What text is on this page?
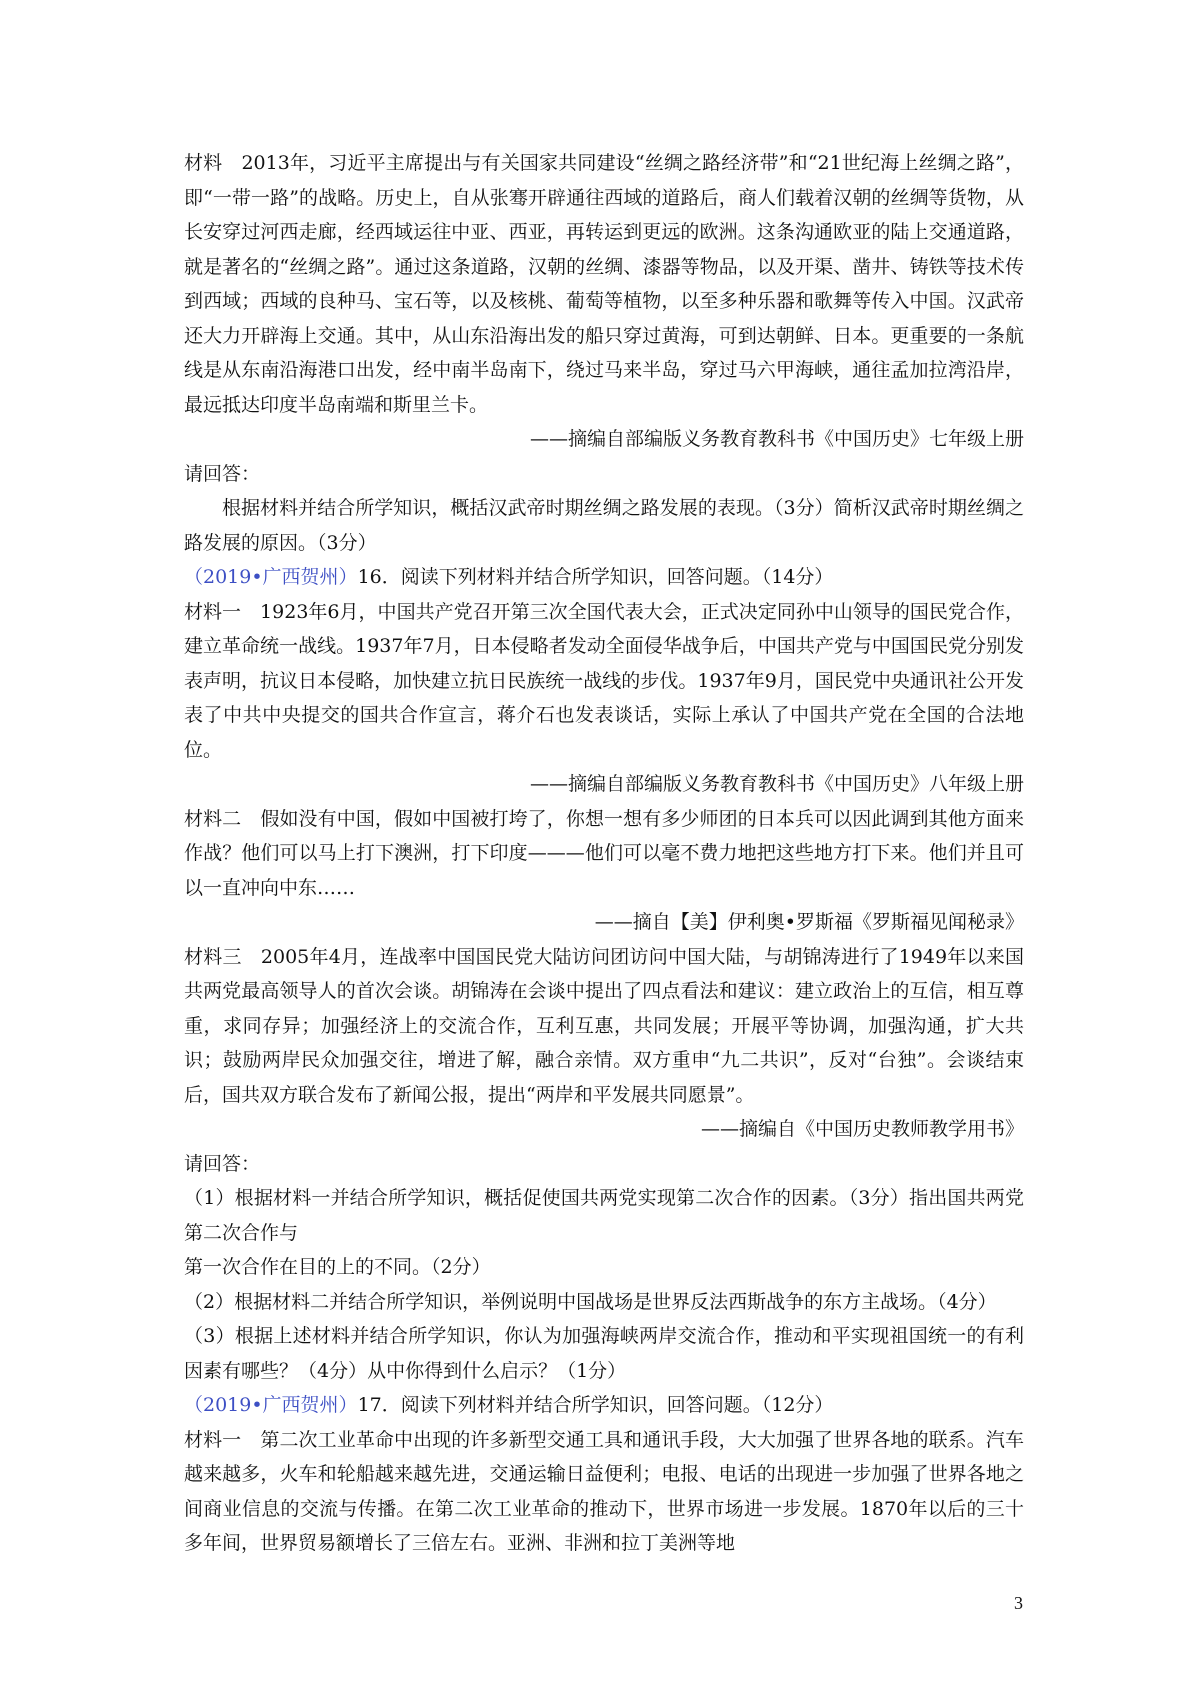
材料　2013年，习近平主席提出与有关国家共同建设“丝绸之路经济带”和“21世纪海上丝绸之路”，即“一带一路”的战略。历史上，自从张骞开辟通往西域的道路后，商人们载着汉朝的丝绸等货物，从长安穿过河西走廊，经西域运往中亚、西亚，再转运到更远的欧洲。这条沟通欧亚的陆上交通道路，就是著名的“丝绸之路”。通过这条道路，汉朝的丝绸、漆器等物品，以及开渠、凿井、铸铁等技术传到西域；西域的良种马、宝石等，以及核桃、葡萄等植物，以至多种乐器和歌舞等传入中国。汉武帝还大力开辟海上交通。其中，从山东沿海出发的船只穿过黄海，可到达朝鲜、日本。更重要的一条航线是从东南沿海港口出发，经中南半岛南下，绕过马来半岛，穿过马六甲海峡，通往孟加拉湾沿岸，最远抵达印度半岛南端和斯里兰卡。

——摘编自部编版义务教育教科书《中国历史》七年级上册

请回答：

根据材料并结合所学知识，概括汉武帝时期丝绸之路发展的表现。（3分）简析汉武帝时期丝绸之路发展的原因。（3分）

（2019•广西贺州）16．阅读下列材料并结合所学知识，回答问题。（14分）

材料一　1923年6月，中国共产党召开第三次全国代表大会，正式决定同孙中山领导的国民党合作，建立革命统一战线。1937年7月，日本侵略者发动全面侵华战争后，中国共产党与中国国民党分别发表声明，抗议日本侵略，加快建立抗日民族统一战线的步伐。1937年9月，国民党中央通讯社公开发表了中共中央提交的国共合作宣言，蒋介石也发表谈话，实际上承认了中国共产党在全国的合法地位。

——摘编自部编版义务教育教科书《中国历史》八年级上册

材料二　假如没有中国，假如中国被打垮了，你想一想有多少师团的日本兵可以因此调到其他方面来作战？他们可以马上打下澳洲，打下印度———他们可以毫不费力地把这些地方打下来。他们并且可以一直冲向中东……

——摘自【美】伊利奥•罗斯福《罗斯福见闻秘录》

材料三　2005年4月，连战率中国国民党大陆访问团访问中国大陆，与胡锦涛进行了1949年以来国共两党最高领导人的首次会谈。胡锦涛在会谈中提出了四点看法和建议：建立政治上的互信，相互尊重，求同存异；加强经济上的交流合作，互利互惠，共同发展；开展平等协调，加强沟通，扩大共识；鼓励两岸民众加强交往，增进了解，融合亲情。双方重申“九二共识”，反对“台独”。会谈结束后，国共双方联合发布了新闻公报，提出“两岸和平发展共同愿景”。

——摘编自《中国历史教师教学用书》

请回答：

（1）根据材料一并结合所学知识，概括促使国共两党实现第二次合作的因素。（3分）指出国共两党第二次合作与

第一次合作在目的上的不同。（2分）

（2）根据材料二并结合所学知识，举例说明中国战场是世界反法西斯战争的东方主战场。（4分）

（3）根据上述材料并结合所学知识，你认为加强海峡两岸交流合作，推动和平实现祖国统一的有利因素有哪些？（4分）从中你得到什么启示？（1分）

（2019•广西贺州）17．阅读下列材料并结合所学知识，回答问题。（12分）

材料一　第二次工业革命中出现的许多新型交通工具和通讯手段，大大加强了世界各地的联系。汽车越来越多，火车和轮船越来越先进，交通运输日益便利；电报、电话的出现进一步加强了世界各地之间商业信息的交流与传播。在第二次工业革命的推动下，世界市场进一步发展。1870年以后的三十多年间，世界贸易额增长了三倍左右。亚洲、非洲和拉丁美洲等地

3
